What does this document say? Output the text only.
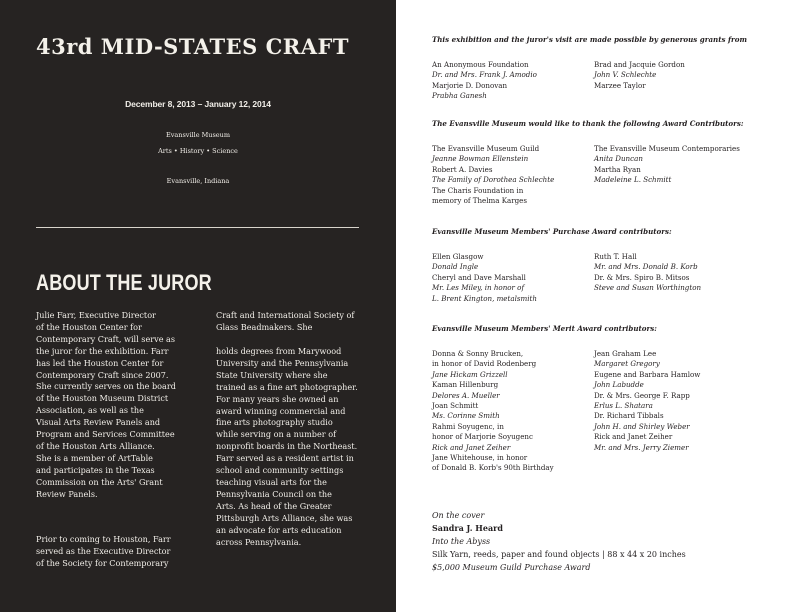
43rd MID-STATES CRAFT
December 8, 2013 – January 12, 2014
Evansville Museum
Arts • History • Science
Evansville, Indiana
ABOUT THE JUROR
Julie Farr, Executive Director
of the Houston Center for
Contemporary Craft, will serve as
the juror for the exhibition. Farr
has led the Houston Center for
Contemporary Craft since 2007.
She currently serves on the board
of the Houston Museum District
Association, as well as the
Visual Arts Review Panels and
Program and Services Committee
of the Houston Arts Alliance.
She is a member of ArtTable
and participates in the Texas
Commission on the Arts' Grant
Review Panels.
Prior to coming to Houston, Farr
served as the Executive Director
of the Society for Contemporary
Craft and International Society of
Glass Beadmakers. She
holds degrees from Marywood
University and the Pennsylvania
State University where she
trained as a fine art photographer.
For many years she owned an
award winning commercial and
fine arts photography studio
while serving on a number of
nonprofit boards in the Northeast.
Farr served as a resident artist in
school and community settings
teaching visual arts for the
Pennsylvania Council on the
Arts. As head of the Greater
Pittsburgh Arts Alliance, she was
an advocate for arts education
across Pennsylvania.
This exhibition and the juror's visit are made possible by generous grants from
An Anonymous Foundation
Dr. and Mrs. Frank J. Amodio
Marjorie D. Donovan
Prabha Ganesh
Brad and Jacquie Gordon
John V. Schlechte
Marzee Taylor
The Evansville Museum would like to thank the following Award Contributors:
The Evansville Museum Guild
Jeanne Bowman Ellenstein
Robert A. Davies
The Family of Dorothea Schlechte
The Charis Foundation in
memory of Thelma Karges
The Evansville Museum Contemporaries
Anita Duncan
Martha Ryan
Madeleine L. Schmitt
Evansville Museum Members' Purchase Award contributors:
Ellen Glasgow
Donald Ingle
Cheryl and Dave Marshall
Mr. Les Miley, in honor of
L. Brent Kington, metalsmith
Ruth T. Hall
Mr. and Mrs. Donald B. Korb
Dr. & Mrs. Spiro B. Mitsos
Steve and Susan Worthington
Evansville Museum Members' Merit Award contributors:
Donna & Sonny Brucken,
in honor of David Rodenberg
Jane Hickam Grizzell
Kaman Hillenburg
Delores A. Mueller
Joan Schmitt
Ms. Corinne Smith
Rahmi Soyugenc, in
honor of Marjorie Soyugenc
Rick and Janet Zeiher
Jane Whitehouse, in honor
of Donald B. Korb's 90th Birthday
Jean Graham Lee
Margaret Gregory
Eugene and Barbara Hamlow
John Labudde
Dr. & Mrs. George F. Rapp
Erlus L. Shatara
Dr. Richard Tibbals
John H. and Shirley Weber
Rick and Janet Zeiher
Mr. and Mrs. Jerry Ziemer
On the cover
Sandra J. Heard
Into the Abyss
Silk Yarn, reeds, paper and found objects | 88 x 44 x 20 inches
$5,000 Museum Guild Purchase Award
